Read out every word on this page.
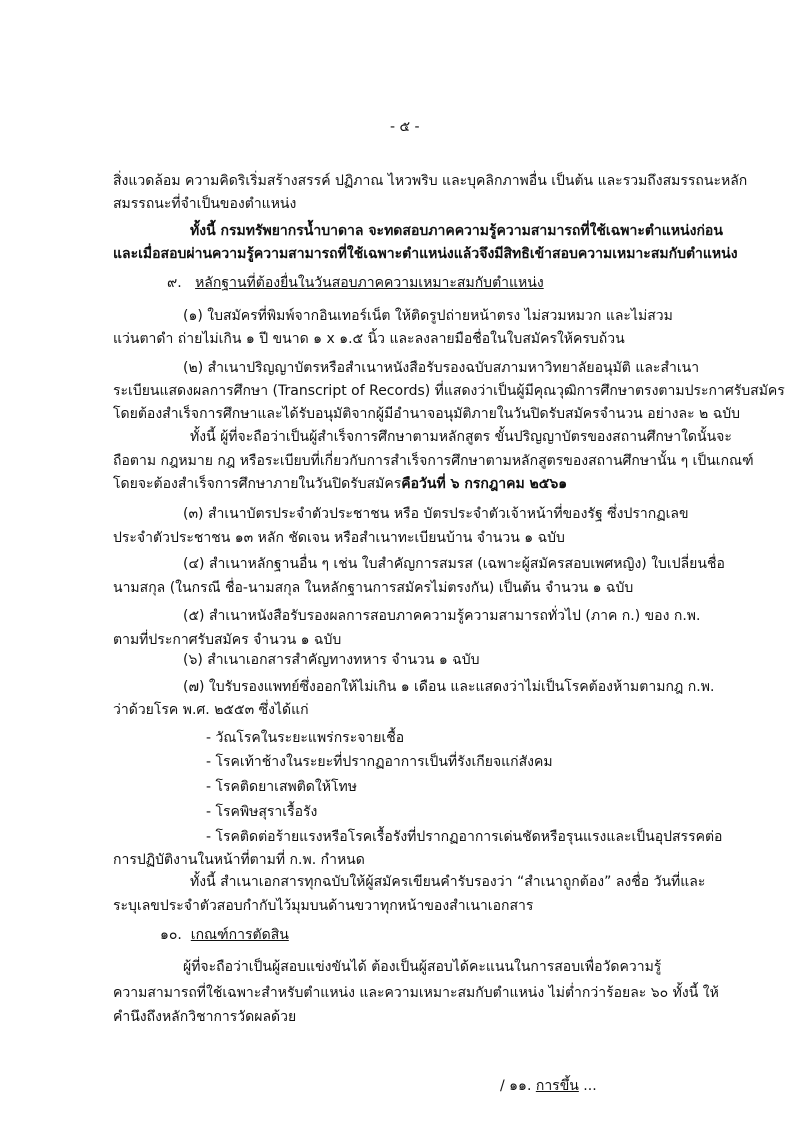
- ๕ -
สิ่งแวดล้อม ความคิดริเริ่มสร้างสรรค์ ปฏิภาณ ไหวพริบ และบุคลิกภาพอื่น เป็นต้น และรวมถึงสมรรถนะหลัก
สมรรถนะที่จำเป็นของตำแหน่ง
ทั้งนี้ กรมทรัพยากรน้ำบาดาล จะทดสอบภาคความรู้ความสามารถที่ใช้เฉพาะตำแหน่งก่อน
และเมื่อสอบผ่านความรู้ความสามารถที่ใช้เฉพาะตำแหน่งแล้วจึงมีสิทธิเข้าสอบความเหมาะสมกับตำแหน่ง
๙. หลักฐานที่ต้องยื่นในวันสอบภาคความเหมาะสมกับตำแหน่ง
(๑) ใบสมัครที่พิมพ์จากอินเทอร์เน็ต ให้ติดรูปถ่ายหน้าตรง ไม่สวมหมวก และไม่สวม
แว่นตาดำ ถ่ายไม่เกิน ๑ ปี ขนาด ๑ x ๑.๕ นิ้ว และลงลายมือชื่อในใบสมัครให้ครบถ้วน
(๒) สำเนาปริญญาบัตรหรือสำเนาหนังสือรับรองฉบับสภามหาวิทยาลัยอนุมัติ และสำเนา
ระเบียนแสดงผลการศึกษา (Transcript of Records) ที่แสดงว่าเป็นผู้มีคุณวุฒิการศึกษาตรงตามประกาศรับสมัคร
โดยต้องสำเร็จการศึกษาและได้รับอนุมัติจากผู้มีอำนาจอนุมัติภายในวันปิดรับสมัครจำนวน อย่างละ ๒ ฉบับ
ทั้งนี้ ผู้ที่จะถือว่าเป็นผู้สำเร็จการศึกษาตามหลักสูตร ขั้นปริญญาบัตรของสถานศึกษาใดนั้นจะ
ถือตาม กฎหมาย กฎ หรือระเบียบที่เกี่ยวกับการสำเร็จการศึกษาตามหลักสูตรของสถานศึกษานั้น ๆ เป็นเกณฑ์
โดยจะต้องสำเร็จการศึกษาภายในวันปิดรับสมัครคือวันที่ ๖ กรกฎาคม ๒๕๖๑
(๓) สำเนาบัตรประจำตัวประชาชน หรือ บัตรประจำตัวเจ้าหน้าที่ของรัฐ ซึ่งปรากฏเลข
ประจำตัวประชาชน ๑๓ หลัก ชัดเจน หรือสำเนาทะเบียนบ้าน จำนวน ๑ ฉบับ
(๔) สำเนาหลักฐานอื่น ๆ เช่น ใบสำคัญการสมรส (เฉพาะผู้สมัครสอบเพศหญิง) ใบเปลี่ยนชื่อ
นามสกุล (ในกรณี ชื่อ-นามสกุล ในหลักฐานการสมัครไม่ตรงกัน) เป็นต้น จำนวน ๑ ฉบับ
(๕) สำเนาหนังสือรับรองผลการสอบภาคความรู้ความสามารถทั่วไป (ภาค ก.) ของ ก.พ.
ตามที่ประกาศรับสมัคร จำนวน ๑ ฉบับ
(๖) สำเนาเอกสารสำคัญทางทหาร จำนวน ๑ ฉบับ
(๗) ใบรับรองแพทย์ซึ่งออกให้ไม่เกิน ๑ เดือน และแสดงว่าไม่เป็นโรคต้องห้ามตามกฎ ก.พ.
ว่าด้วยโรค พ.ศ. ๒๕๕๓ ซึ่งได้แก่
- วัณโรคในระยะแพร่กระจายเชื้อ
- โรคเท้าช้างในระยะที่ปรากฏอาการเป็นที่รังเกียจแก่สังคม
- โรคติดยาเสพติดให้โทษ
- โรคพิษสุราเรื้อรัง
- โรคติดต่อร้ายแรงหรือโรคเรื้อรังที่ปรากฏอาการเด่นชัดหรือรุนแรงและเป็นอุปสรรคต่อ
การปฏิบัติงานในหน้าที่ตามที่ ก.พ. กำหนด
ทั้งนี้ สำเนาเอกสารทุกฉบับให้ผู้สมัครเขียนคำรับรองว่า “สำเนาถูกต้อง” ลงชื่อ วันที่และ
ระบุเลขประจำตัวสอบกำกับไว้มุมบนด้านขวาทุกหน้าของสำเนาเอกสาร
๑๐. เกณฑ์การตัดสิน
ผู้ที่จะถือว่าเป็นผู้สอบแข่งขันได้ ต้องเป็นผู้สอบได้คะแนนในการสอบเพื่อวัดความรู้
ความสามารถที่ใช้เฉพาะสำหรับตำแหน่ง และความเหมาะสมกับตำแหน่ง ไม่ต่ำกว่าร้อยละ ๖๐ ทั้งนี้ ให้
คำนึงถึงหลักวิชาการวัดผลด้วย
/ ๑๑. การขึ้น ...
